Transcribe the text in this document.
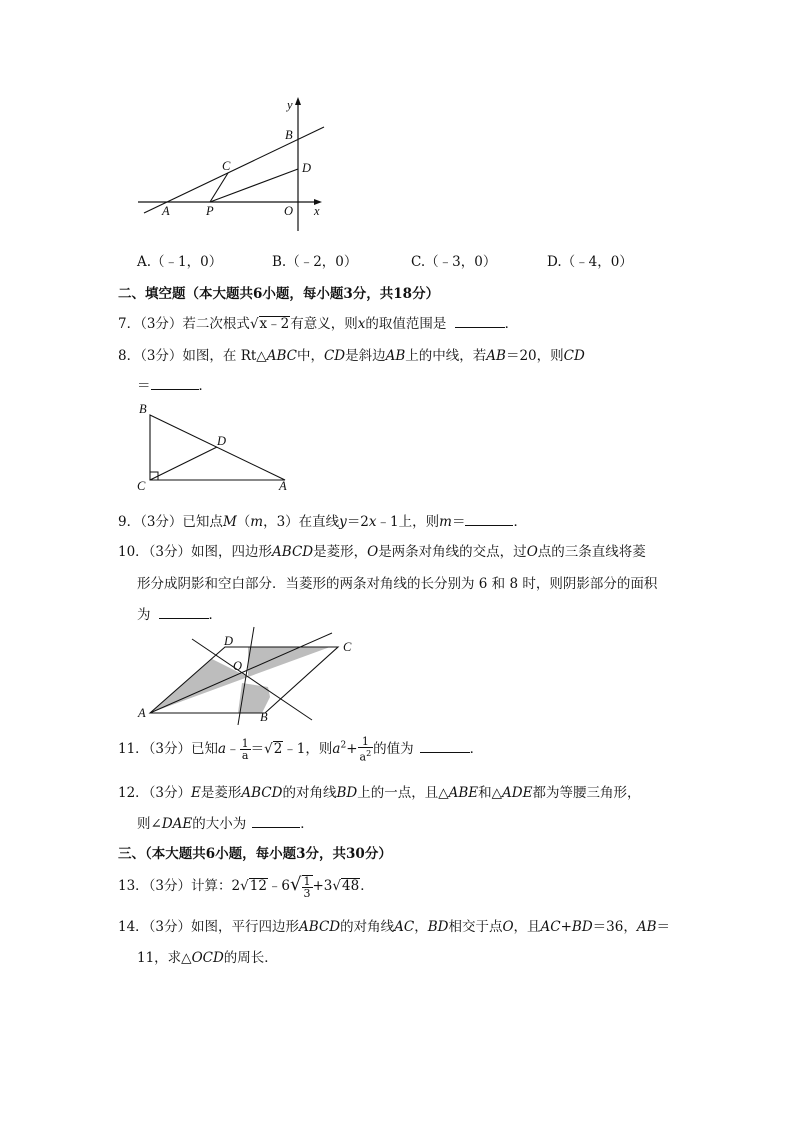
y
B
C	D
A	P	O x
A.（﹣1，0）	B.（﹣2，0）	C.（﹣3，0）	D.（﹣4，0）
二、填空题（本大题共6小题，每小题3分，共18分）
7．（3分）若二次根式√x﹣2有意义，则x的取值范围是	．
8．（3分）如图，在 Rt△ABC中，CD是斜边AB上的中线，若AB＝20，则CD
＝	．
B
D
C	A
9．（3分）已知点M（m，3）在直线y＝2x﹣1上，则m＝	．
10．（3分）如图，四边形ABCD是菱形，O是两条对角线的交点，过O点的三条直线将菱
形分成阴影和空白部分．当菱形的两条对角线的长分别为 6 和 8 时，则阴影部分的面积
为	．
D	C
O
A	B
11．（3分）已知a﹣ $\frac{1}{a}$ ＝√2﹣1，则$a^2+ \frac{1}{a^2}$ 的值为	．
12．（3分）E是菱形ABCD的对角线BD上的一点，且△ABE和△ADE都为等腰三角形，
则∠DAE的大小为	．
三、（本大题共6小题，每小题3分，共30分）
13．（3分）计算：2√12﹣6√ $\frac{1}{3} +3√48$．
14．（3分）如图，平行四边形ABCD的对角线AC，BD相交于点O，且AC+BD＝36，AB＝
11，求△OCD的周长．
